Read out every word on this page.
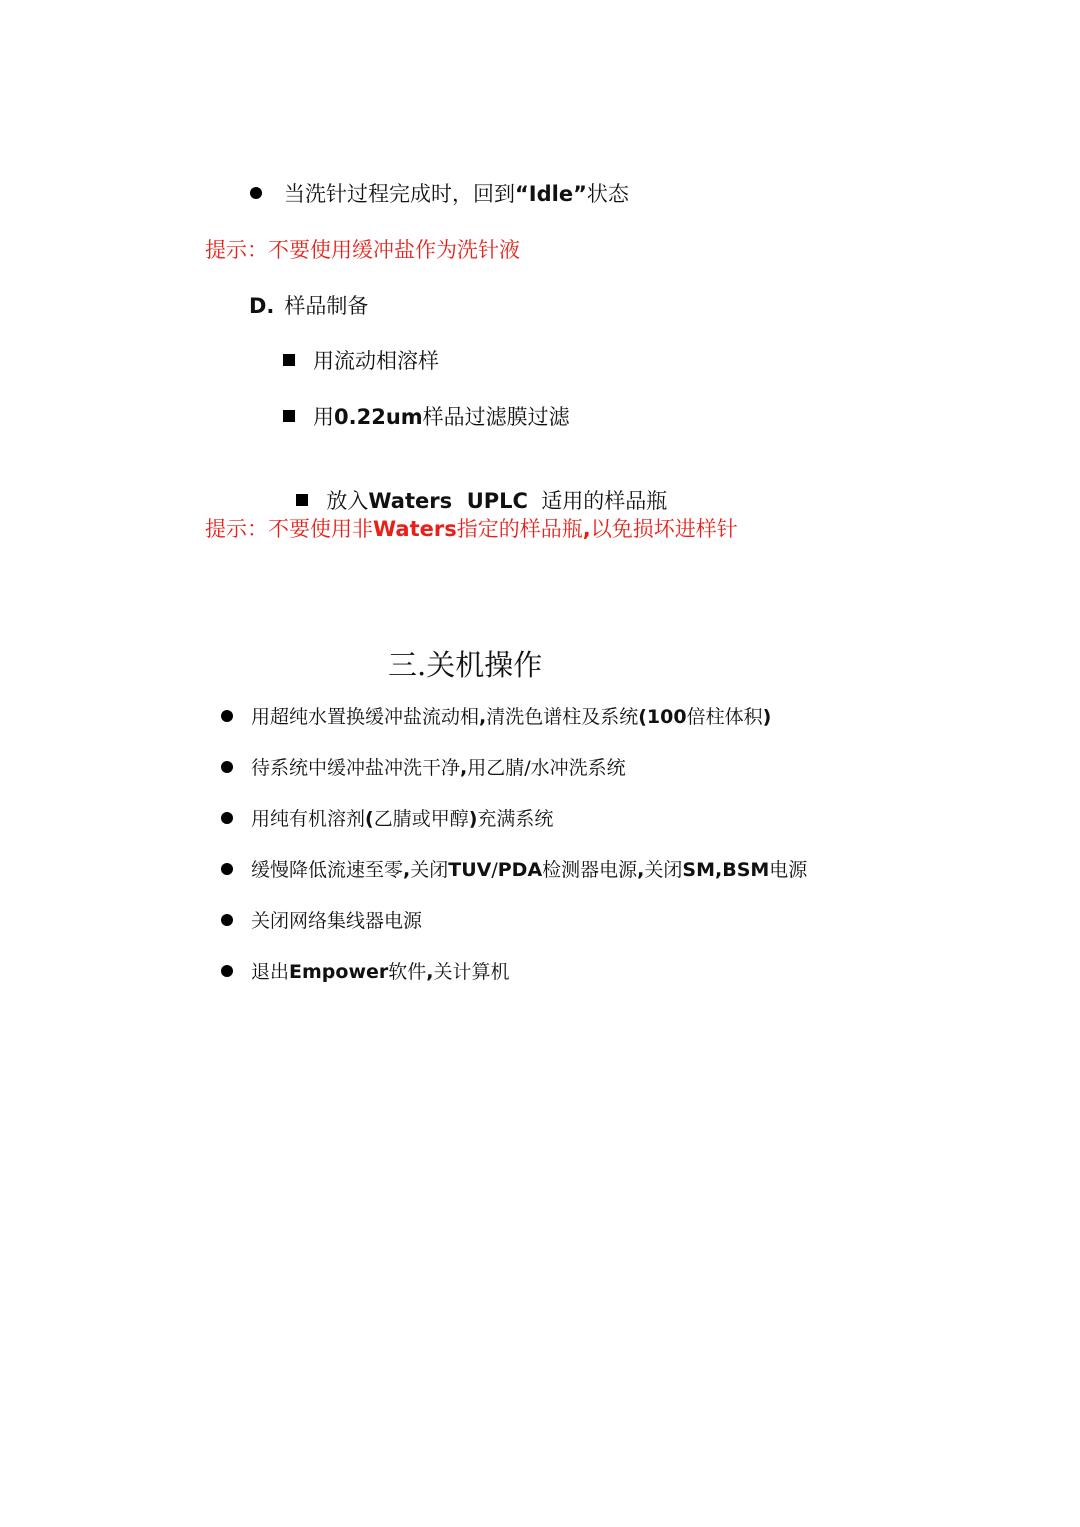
当洗针过程完成时，回到“Idle”状态
提示：不要使用缓冲盐作为洗针液
D. 样品制备
用流动相溶样
用0.22um样品过滤膜过滤

放入Waters  UPLC  适用的样品瓶

提示：不要使用非Waters指定的样品瓶,以免损坏进样针
三.关机操作
用超纯水置换缓冲盐流动相,清洗色谱柱及系统(100倍柱体积)
待系统中缓冲盐冲洗干净,用乙腈/水冲洗系统
用纯有机溶剂(乙腈或甲醇)充满系统
缓慢降低流速至零,关闭TUV/PDA检测器电源,关闭SM,BSM电源
关闭网络集线器电源
退出Empower软件,关计算机
